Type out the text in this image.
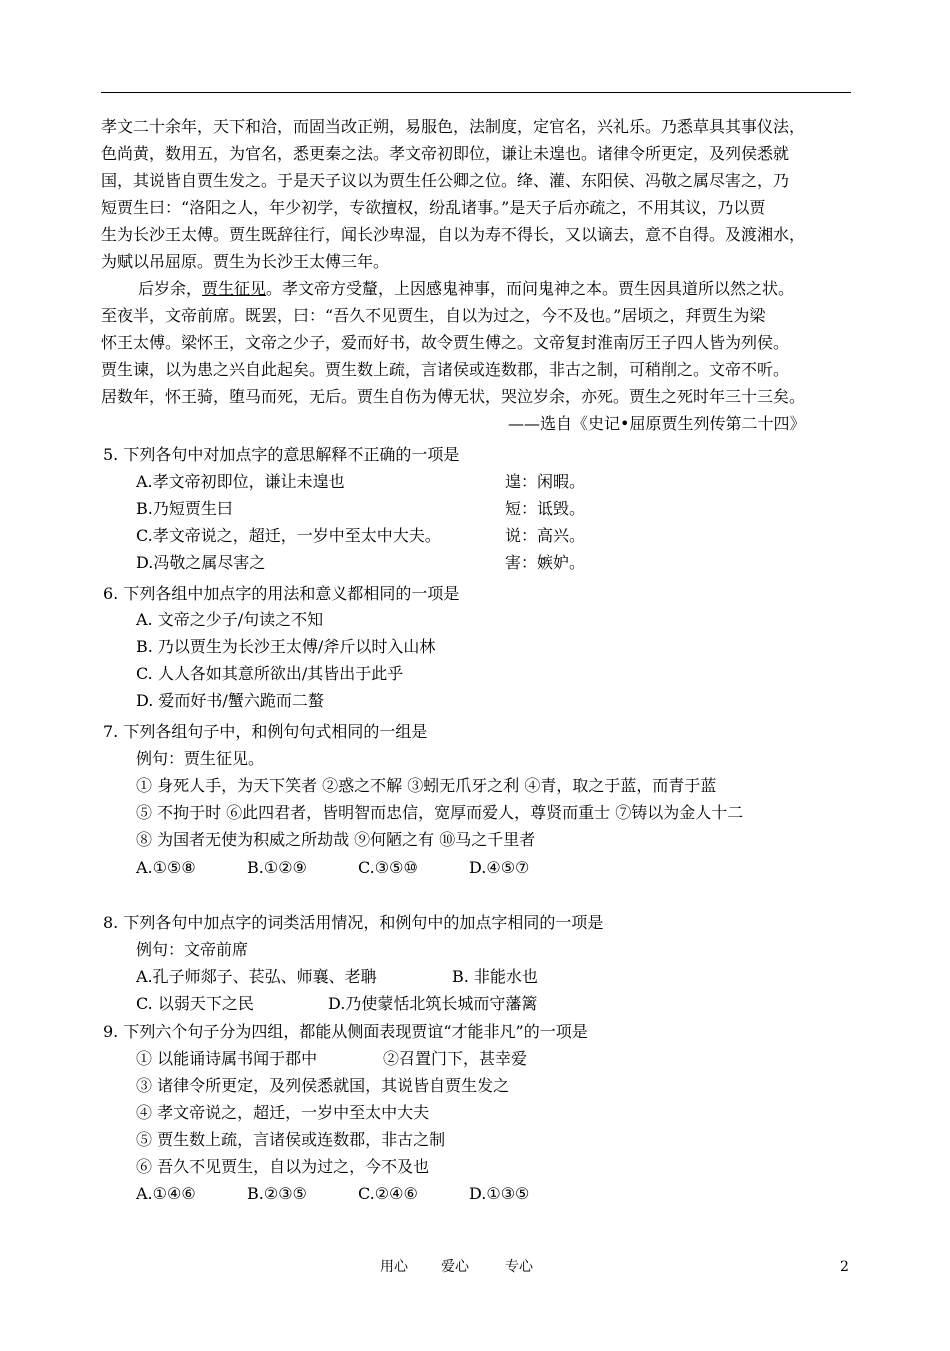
孝文二十余年，天下和洽，而固当改正朔，易服色，法制度，定官名，兴礼乐。乃悉草具其事仪法，
色尚黄，数用五，为官名，悉更秦之法。孝文帝初即位，谦让未遑也。诸律令所更定，及列侯悉就
国，其说皆自贾生发之。于是天子议以为贾生任公卿之位。绛、灌、东阳侯、冯敬之属尽害之，乃
短贾生曰：“洛阳之人，年少初学，专欲擅权，纷乱诸事。”是天子后亦疏之，不用其议，乃以贾
生为长沙王太傅。贾生既辞往行，闻长沙卑湿，自以为寿不得长，又以谪去，意不自得。及渡湘水，
为赋以吊屈原。贾生为长沙王太傅三年。
后岁余，贾生征见。孝文帝方受釐，上因感鬼神事，而问鬼神之本。贾生因具道所以然之状。
至夜半，文帝前席。既罢，曰：“吾久不见贾生，自以为过之，今不及也。”居顷之，拜贾生为梁
怀王太傅。梁怀王，文帝之少子，爱而好书，故令贾生傅之。文帝复封淮南厉王子四人皆为列侯。
贾生谏，以为患之兴自此起矣。贾生数上疏，言诸侯或连数郡，非古之制，可稍削之。文帝不听。
居数年，怀王骑，堕马而死，无后。贾生自伤为傅无状，哭泣岁余，亦死。贾生之死时年三十三矣。
——选自《史记•屈原贾生列传第二十四》
5. 下列各句中对加点字的意思解释不正确的一项是
A.孝文帝初即位，谦让未遑也	遑：闲暇。
B.乃短贾生曰	短：诋毁。
C.孝文帝说之，超迁，一岁中至太中大夫。	说：高兴。
D.冯敬之属尽害之	害：嫉妒。
6. 下列各组中加点字的用法和意义都相同的一项是
A. 文帝之少子/句读之不知
B. 乃以贾生为长沙王太傅/斧斤以时入山林
C. 人人各如其意所欲出/其皆出于此乎
D. 爱而好书/蟹六跪而二螯
7. 下列各组句子中，和例句句式相同的一组是
例句：贾生征见。
① 身死人手，为天下笑者 ②惑之不解 ③蚓无爪牙之利 ④青，取之于蓝，而青于蓝
⑤ 不拘于时 ⑥此四君者，皆明智而忠信，宽厚而爱人，尊贤而重士 ⑦铸以为金人十二
⑧ 为国者无使为积威之所劫哉 ⑨何陋之有 ⑩马之千里者
A.①⑤⑧	B.①②⑨	C.③⑤⑩	D.④⑤⑦
8. 下列各句中加点字的词类活用情况，和例句中的加点字相同的一项是
例句：文帝前席
A.孔子师郯子、苌弘、师襄、老聃	B. 非能水也
C. 以弱天下之民	D.乃使蒙恬北筑长城而守藩篱
9. 下列六个句子分为四组，都能从侧面表现贾谊“才能非凡”的一项是
① 以能诵诗属书闻于郡中	②召置门下，甚幸爱
③ 诸律令所更定，及列侯悉就国，其说皆自贾生发之
④ 孝文帝说之，超迁，一岁中至太中大夫
⑤ 贾生数上疏，言诸侯或连数郡，非古之制
⑥ 吾久不见贾生，自以为过之，今不及也
A.①④⑥	B.②③⑤	C.②④⑥	D.①③⑤
用心 爱心	专心	2
